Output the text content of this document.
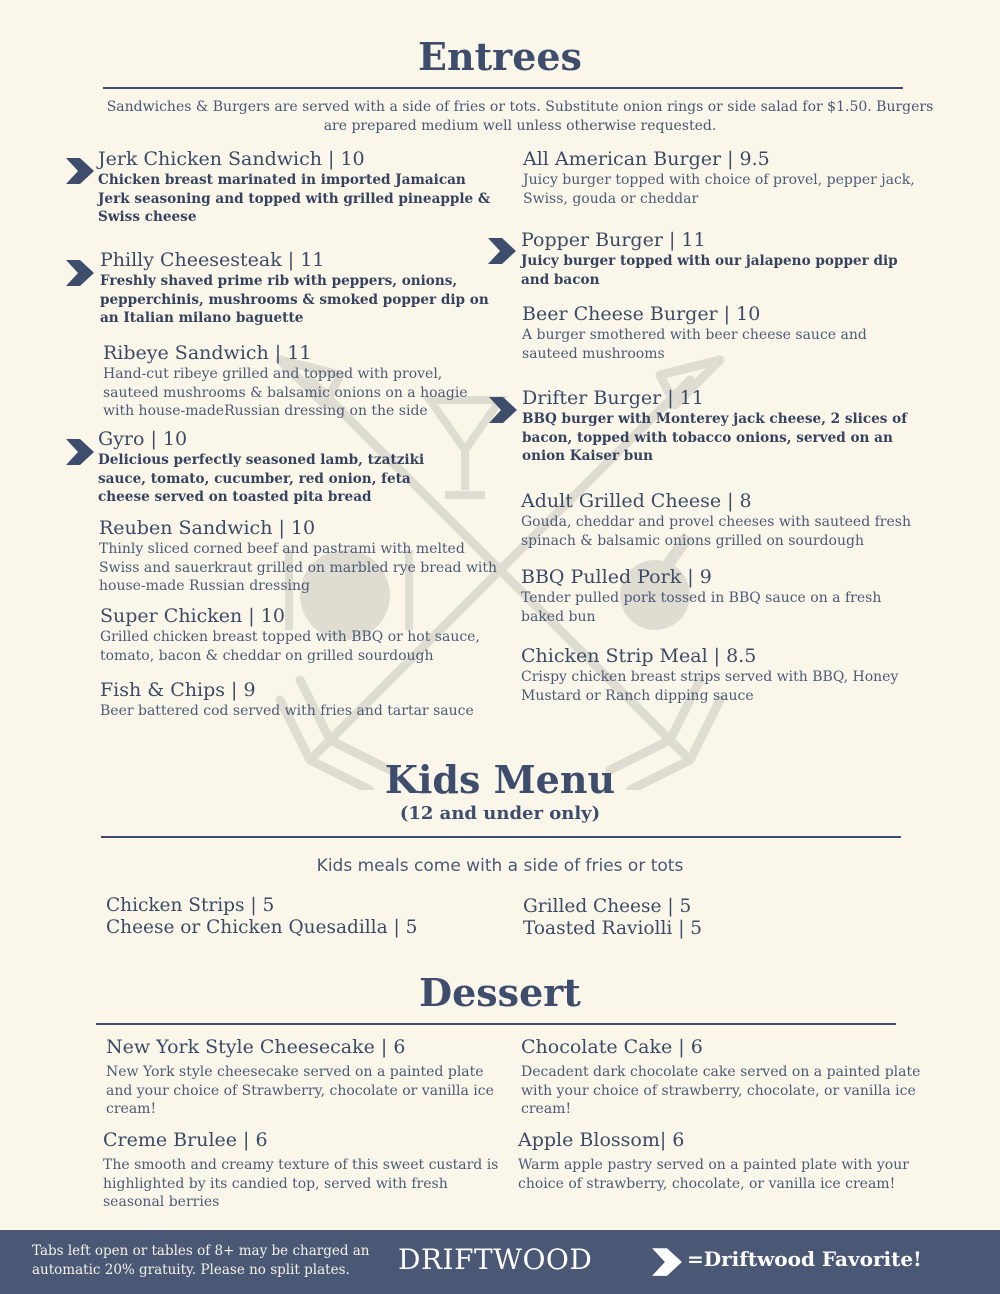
Entrees
Sandwiches & Burgers are served with a side of fries or tots. Substitute onion rings or side salad for $1.50. Burgers are prepared medium well unless otherwise requested.
Jerk Chicken Sandwich | 10
Chicken breast marinated in imported Jamaican Jerk seasoning and topped with grilled pineapple & Swiss cheese
Philly Cheesesteak | 11
Freshly shaved prime rib with peppers, onions, pepperchinis, mushrooms & smoked popper dip on an Italian milano baguette
Ribeye Sandwich | 11
Hand-cut ribeye grilled and topped with provel, sauteed mushrooms & balsamic onions on a hoagie with house-madeRussian dressing on the side
Gyro | 10
Delicious perfectly seasoned lamb, tzatziki sauce, tomato, cucumber, red onion, feta cheese served on toasted pita bread
Reuben Sandwich | 10
Thinly sliced corned beef and pastrami with melted Swiss and sauerkraut grilled on marbled rye bread with house-made Russian dressing
Super Chicken | 10
Grilled chicken breast topped with BBQ or hot sauce, tomato, bacon & cheddar on grilled sourdough
Fish & Chips | 9
Beer battered cod served with fries and tartar sauce
All American Burger | 9.5
Juicy burger topped with choice of provel, pepper jack, Swiss, gouda or cheddar
Popper Burger | 11
Juicy burger topped with our jalapeno popper dip and bacon
Beer Cheese Burger | 10
A burger smothered with beer cheese sauce and sauteed mushrooms
Drifter Burger | 11
BBQ burger with Monterey jack cheese, 2 slices of bacon, topped with tobacco onions, served on an onion Kaiser bun
Adult Grilled Cheese | 8
Gouda, cheddar and provel cheeses with sauteed fresh spinach & balsamic onions grilled on sourdough
BBQ Pulled Pork | 9
Tender pulled pork tossed in BBQ sauce on a fresh baked bun
Chicken Strip Meal | 8.5
Crispy chicken breast strips served with BBQ, Honey Mustard or Ranch dipping sauce
Kids Menu
(12 and under only)
Kids meals come with a side of fries or tots
Chicken Strips | 5
Cheese or Chicken Quesadilla | 5
Grilled Cheese | 5
Toasted Raviolli | 5
Dessert
New York Style Cheesecake | 6
New York style cheesecake served on a painted plate and your choice of Strawberry, chocolate or vanilla ice cream!
Chocolate Cake | 6
Decadent dark chocolate cake served on a painted plate with your choice of strawberry, chocolate, or vanilla ice cream!
Creme Brulee | 6
The smooth and creamy texture of this sweet custard is highlighted by its candied top, served with fresh seasonal berries
Apple Blossom| 6
Warm apple pastry served on a painted plate with your choice of strawberry, chocolate, or vanilla ice cream!
Tabs left open or tables of 8+ may be charged an automatic 20% gratuity. Please no split plates.	DRIFTWOOD	=Driftwood Favorite!
